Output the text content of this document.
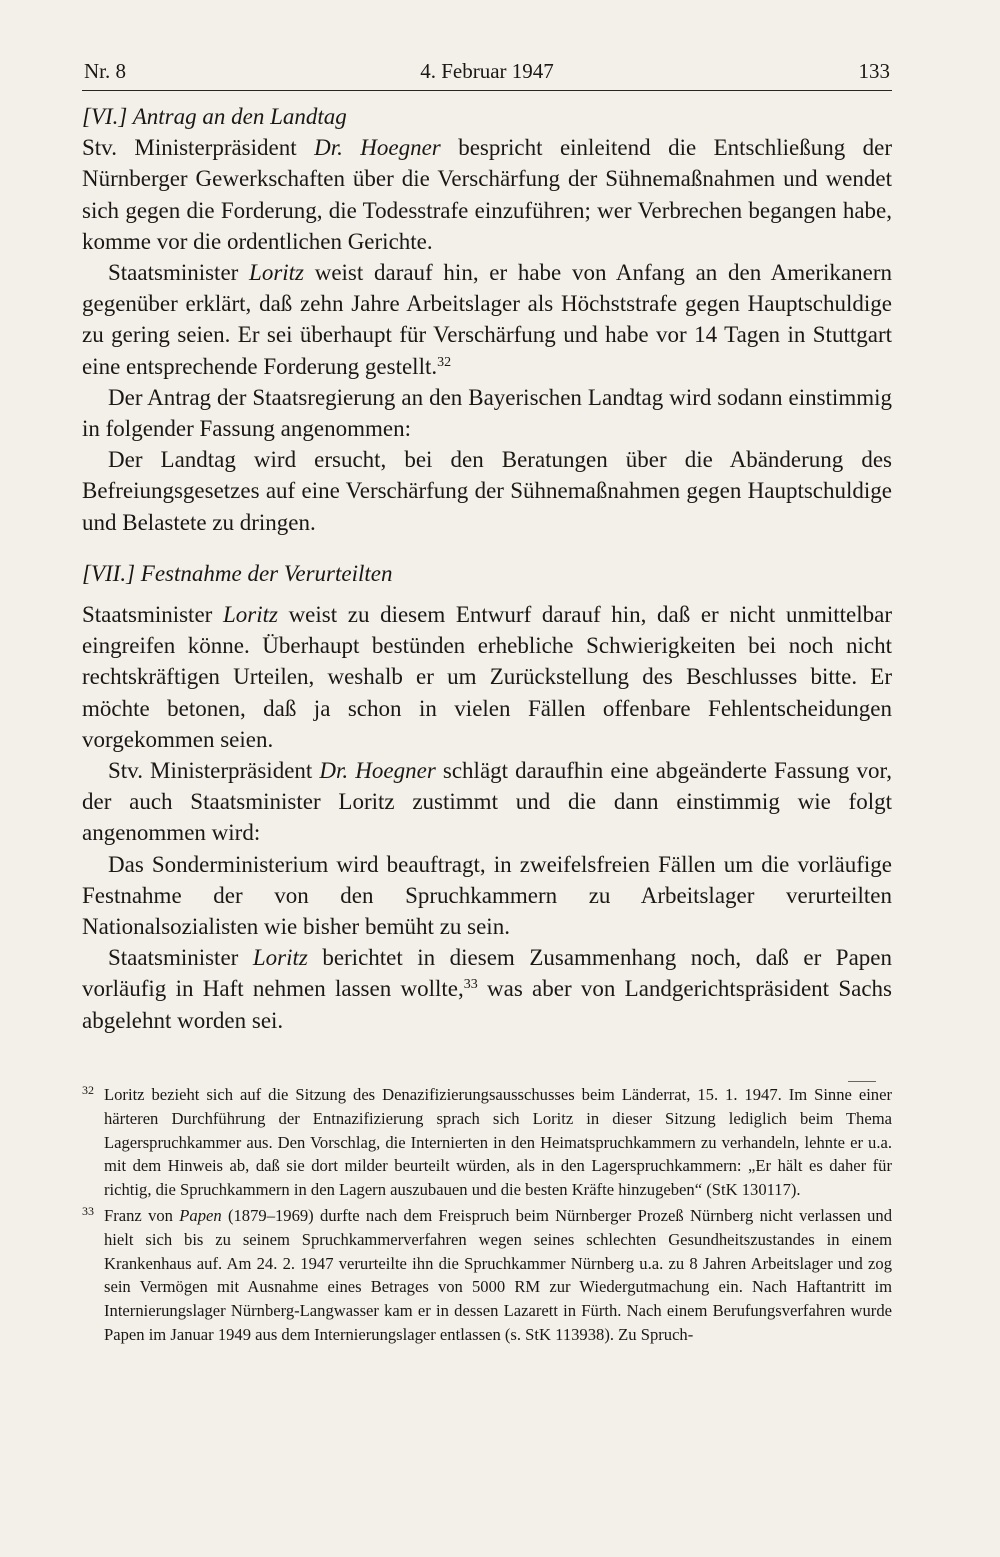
Nr. 8	4. Februar 1947	133

[VI.] Antrag an den Landtag

Stv. Ministerpräsident Dr. Hoegner bespricht einleitend die Entschließung der Nürnberger Gewerkschaften über die Verschärfung der Sühnemaßnahmen und wendet sich gegen die Forderung, die Todesstrafe einzuführen; wer Verbrechen begangen habe, komme vor die ordentlichen Gerichte.

Staatsminister Loritz weist darauf hin, er habe von Anfang an den Amerikanern gegenüber erklärt, daß zehn Jahre Arbeitslager als Höchststrafe gegen Hauptschuldige zu gering seien. Er sei überhaupt für Verschärfung und habe vor 14 Tagen in Stuttgart eine entsprechende Forderung gestellt.$^{32}$

Der Antrag der Staatsregierung an den Bayerischen Landtag wird sodann einstimmig in folgender Fassung angenommen:

Der Landtag wird ersucht, bei den Beratungen über die Abänderung des Befreiungsgesetzes auf eine Verschärfung der Sühnemaßnahmen gegen Hauptschuldige und Belastete zu dringen.

[VII.] Festnahme der Verurteilten

Staatsminister Loritz weist zu diesem Entwurf darauf hin, daß er nicht unmittelbar eingreifen könne. Überhaupt bestünden erhebliche Schwierigkeiten bei noch nicht rechtskräftigen Urteilen, weshalb er um Zurückstellung des Beschlusses bitte. Er möchte betonen, daß ja schon in vielen Fällen offenbare Fehlentscheidungen vorgekommen seien.

Stv. Ministerpräsident Dr. Hoegner schlägt daraufhin eine abgeänderte Fassung vor, der auch Staatsminister Loritz zustimmt und die dann einstimmig wie folgt angenommen wird:

Das Sonderministerium wird beauftragt, in zweifelsfreien Fällen um die vorläufige Festnahme der von den Spruchkammern zu Arbeitslager verurteilten Nationalsozialisten wie bisher bemüht zu sein.

Staatsminister Loritz berichtet in diesem Zusammenhang noch, daß er Papen vorläufig in Haft nehmen lassen wollte,$^{33}$ was aber von Landgerichtspräsident Sachs abgelehnt worden sei.

32 Loritz bezieht sich auf die Sitzung des Denazifizierungsausschusses beim Länderrat, 15. 1. 1947. Im Sinne einer härteren Durchführung der Entnazifizierung sprach sich Loritz in dieser Sitzung lediglich beim Thema Lagerspruchkammer aus. Den Vorschlag, die Internierten in den Heimatspruchkammern zu verhandeln, lehnte er u.a. mit dem Hinweis ab, daß sie dort milder beurteilt würden, als in den Lagerspruchkammern: „Er hält es daher für richtig, die Spruchkammern in den Lagern auszubauen und die besten Kräfte hinzugeben“ (StK 130117).

33 Franz von Papen (1879–1969) durfte nach dem Freispruch beim Nürnberger Prozeß Nürnberg nicht verlassen und hielt sich bis zu seinem Spruchkammerverfahren wegen seines schlechten Gesundheitszustandes in einem Krankenhaus auf. Am 24. 2. 1947 verurteilte ihn die Spruchkammer Nürnberg u.a. zu 8 Jahren Arbeitslager und zog sein Vermögen mit Ausnahme eines Betrages von 5000 RM zur Wiedergutmachung ein. Nach Haftantritt im Internierungslager Nürnberg-Langwasser kam er in dessen Lazarett in Fürth. Nach einem Berufungsverfahren wurde Papen im Januar 1949 aus dem Internierungslager entlassen (s. StK 113938). Zu Spruch-
